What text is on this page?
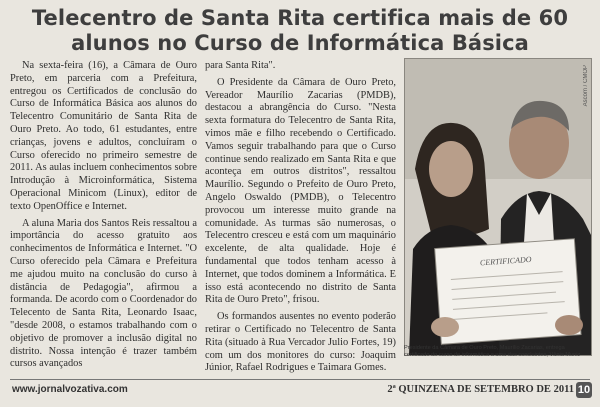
Telecentro de Santa Rita certifica mais de 60
alunos no Curso de Informática Básica

Na sexta-feira (16), a Câmara de Ouro Preto, em parceria com a Prefeitura, entregou os Certificados de conclusão do Curso de Informática Básica aos alunos do Telecentro Comunitário de Santa Rita de Ouro Preto. Ao todo, 61 estudantes, entre crianças, jovens e adultos, concluíram o Curso oferecido no primeiro semestre de 2011. As aulas incluem conhecimentos sobre Introdução à Microinformática, Sistema Operacional Minicom (Linux), editor de texto OpenOffice e Internet.

A aluna Maria dos Santos Reis ressaltou a importância do acesso gratuito aos conhecimentos de Informática e Internet. "O Curso oferecido pela Câmara e Prefeitura me ajudou muito na conclusão do curso à distância de Pedagogia", afirmou a formanda. De acordo com o Coordenador do Telecento de Santa Rita, Leonardo Isaac, "desde 2008, o estamos trabalhando com o objetivo de promover a inclusão digital no distrito. Nossa intenção é trazer também cursos avançados

para Santa Rita".

O Presidente da Câmara de Ouro Preto, Vereador Maurílio Zacarias (PMDB), destacou a abrangência do Curso. "Nesta sexta formatura do Telecentro de Santa Rita, vimos mãe e filho recebendo o Certificado. Vamos seguir trabalhando para que o Curso continue sendo realizado em Santa Rita e que aconteça em outros distritos", ressaltou Maurílio. Segundo o Prefeito de Ouro Preto, Angelo Oswaldo (PMDB), o Telecentro provocou um interesse muito grande na comunidade. As turmas são numerosas, o Telecentro cresceu e está com um maquinário excelente, de alta qualidade. Hoje é fundamental que todos tenham acesso à Internet, que todos dominem a Informática. E isso está acontecendo no distrito de Santa Rita de Ouro Preto", frisou.

Os formandos ausentes no evento poderão retirar o Certificado no Telecentro de Santa Rita (situado à Rua Vercador Julio Fortes, 19) com um dos monitores do curso: Joaquim Júnior, Rafael Rodrigues e Taimara Gomes.

CERTIFICADO
Ascom / CMOP
Presidente da Câmara de Ouro Preto, Maurílio Zacarias, entrega certificado do curso de informática a uma das concluintes, Vânia Muniz
www.jornalvozativa.com	2ª QUINZENA DE SETEMBRO DE 2011 10
